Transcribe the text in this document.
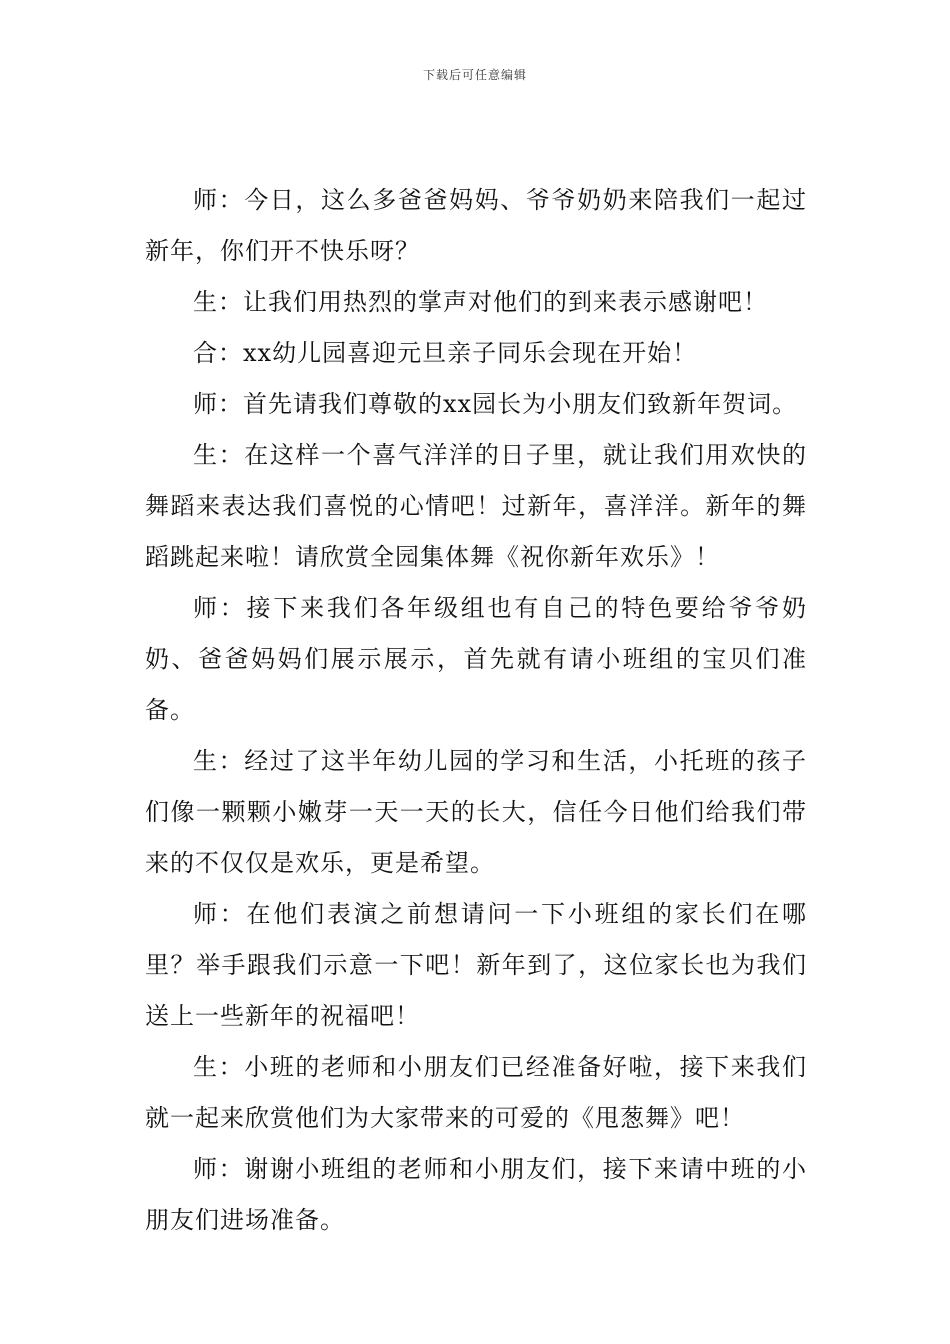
下载后可任意编辑

师：今日，这么多爸爸妈妈、爷爷奶奶来陪我们一起过新年，你们开不快乐呀？

生：让我们用热烈的掌声对他们的到来表示感谢吧！

合：xx幼儿园喜迎元旦亲子同乐会现在开始！

师：首先请我们尊敬的xx园长为小朋友们致新年贺词。

生：在这样一个喜气洋洋的日子里，就让我们用欢快的舞蹈来表达我们喜悦的心情吧！过新年，喜洋洋。新年的舞蹈跳起来啦！请欣赏全园集体舞《祝你新年欢乐》！

师：接下来我们各年级组也有自己的特色要给爷爷奶奶、爸爸妈妈们展示展示，首先就有请小班组的宝贝们准备。

生：经过了这半年幼儿园的学习和生活，小托班的孩子们像一颗颗小嫩芽一天一天的长大，信任今日他们给我们带来的不仅仅是欢乐，更是希望。

师：在他们表演之前想请问一下小班组的家长们在哪里？举手跟我们示意一下吧！新年到了，这位家长也为我们送上一些新年的祝福吧！

生：小班的老师和小朋友们已经准备好啦，接下来我们就一起来欣赏他们为大家带来的可爱的《甩葱舞》吧！

师：谢谢小班组的老师和小朋友们，接下来请中班的小朋友们进场准备。
